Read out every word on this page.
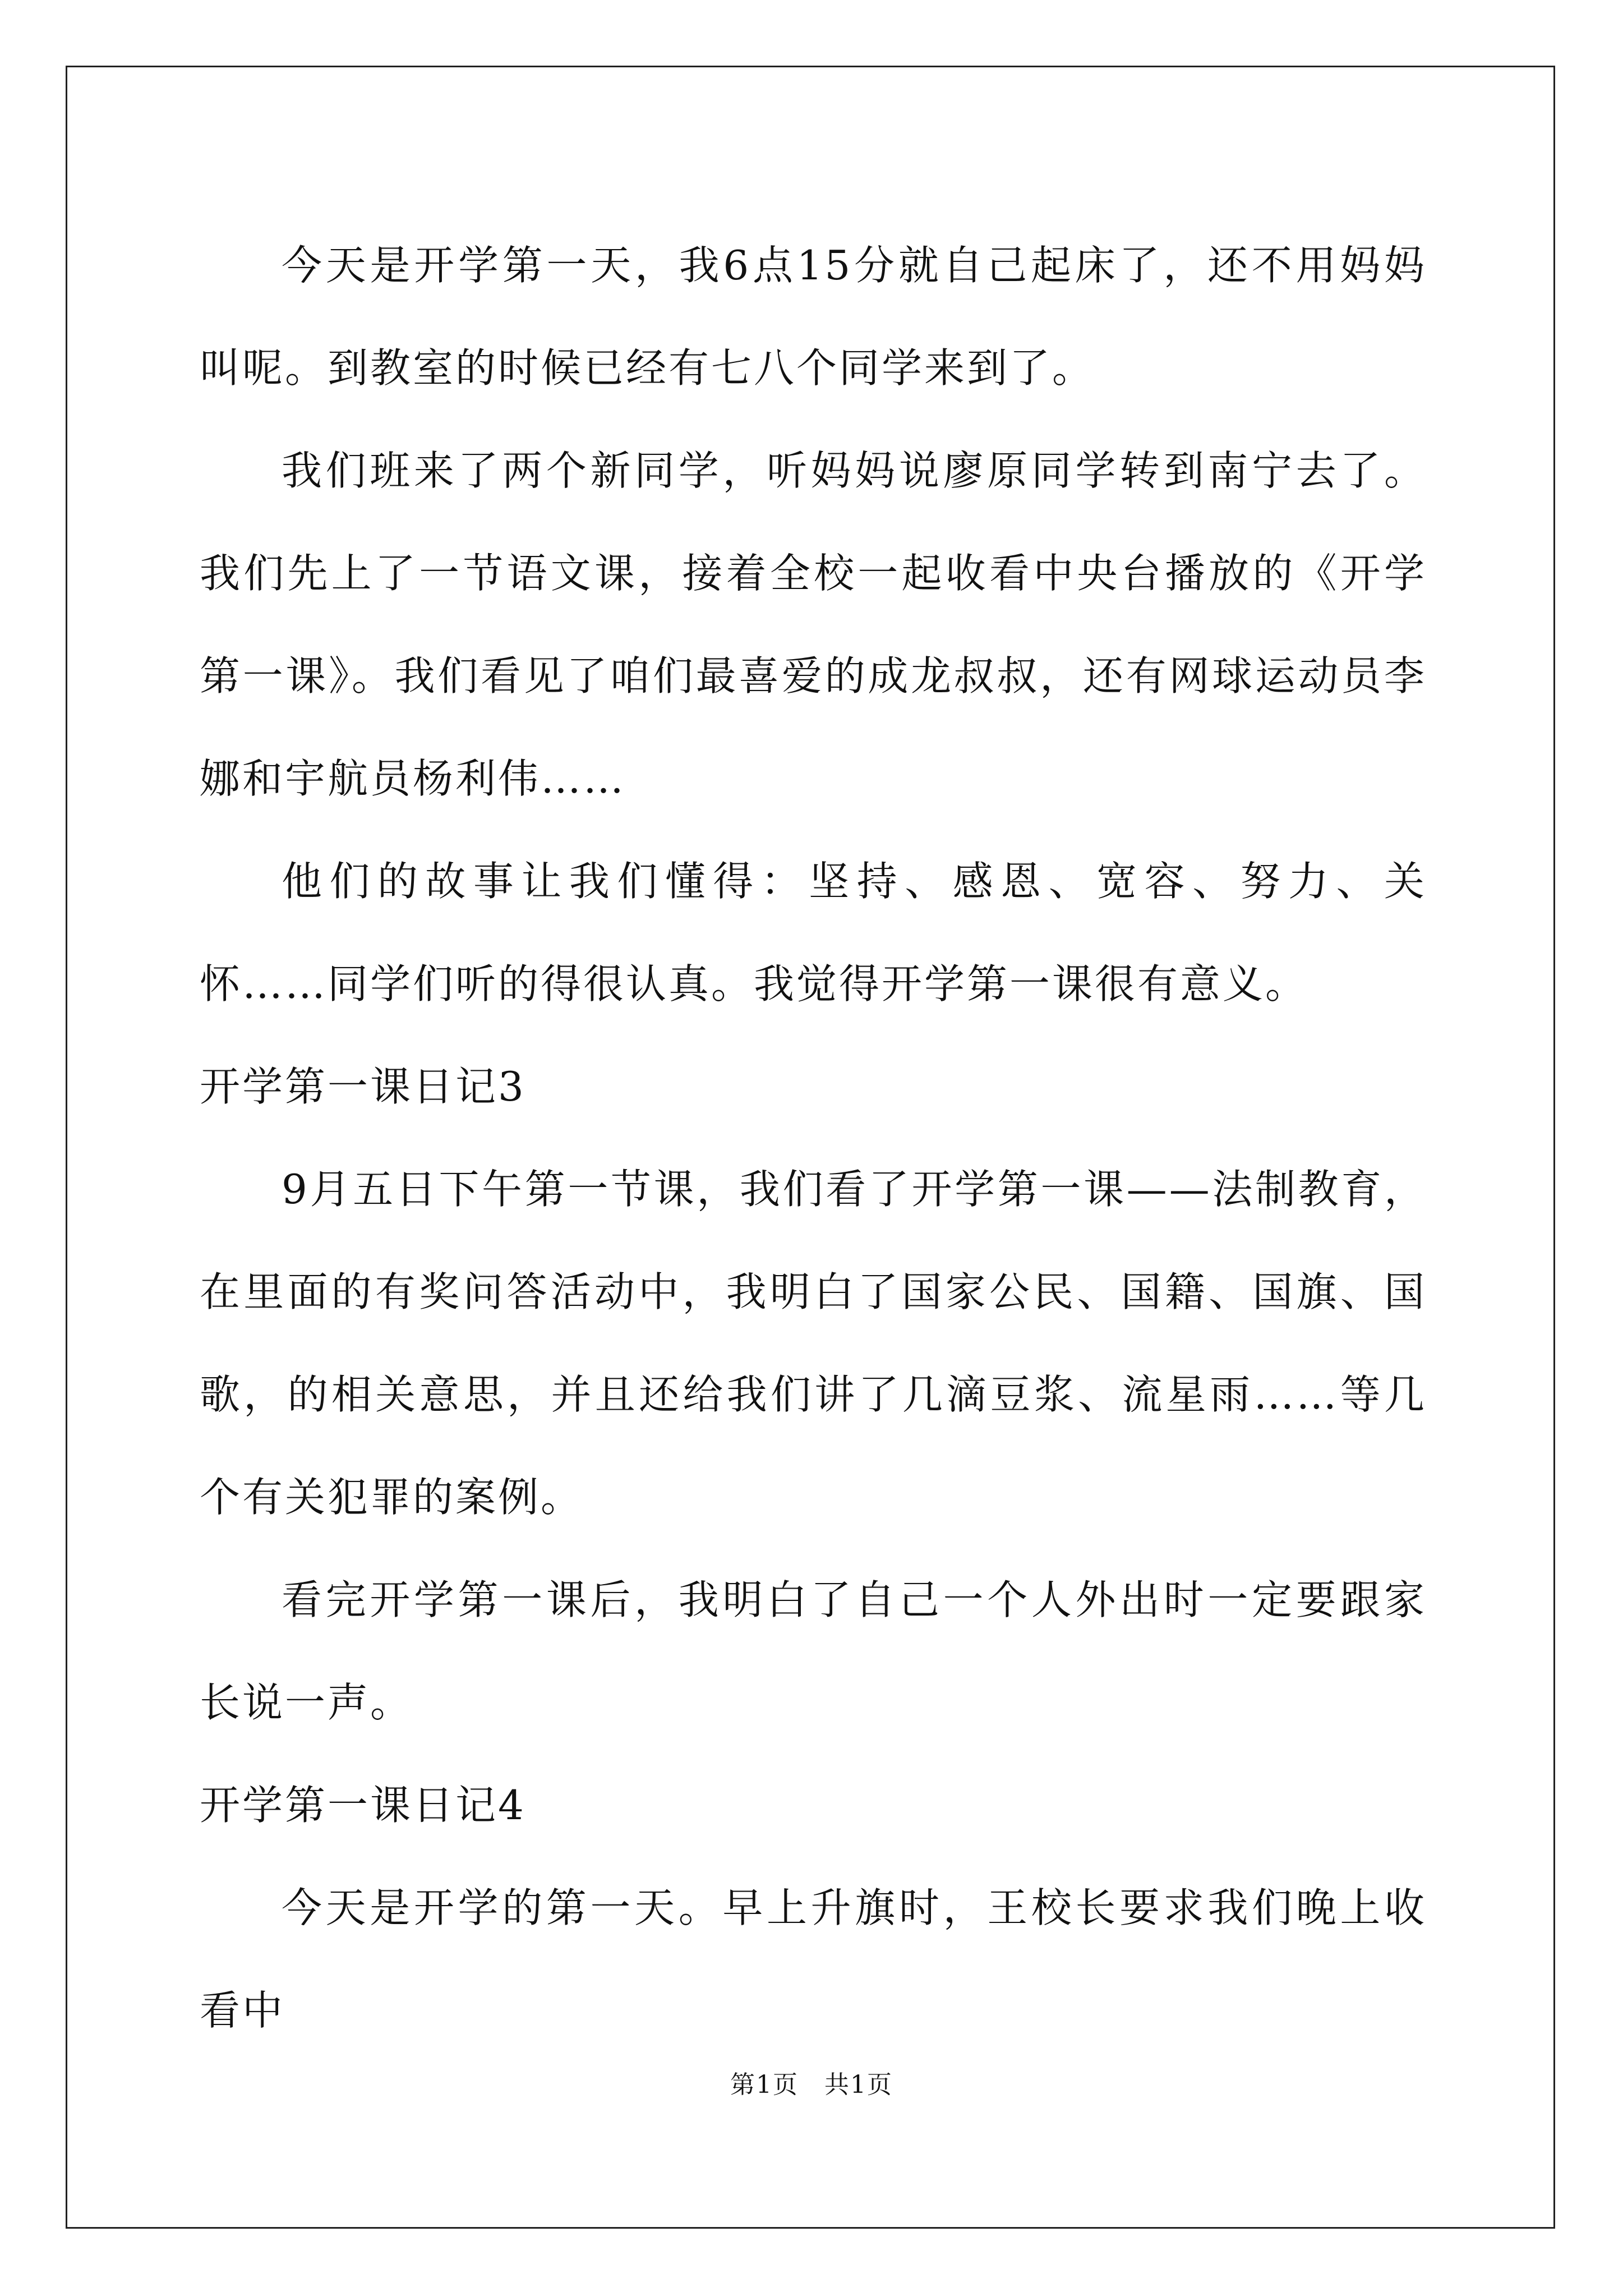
今天是开学第一天，我6点15分就自己起床了，还不用妈妈叫呢。到教室的时候已经有七八个同学来到了。

我们班来了两个新同学，听妈妈说廖原同学转到南宁去了。我们先上了一节语文课，接着全校一起收看中央台播放的《开学第一课》。我们看见了咱们最喜爱的成龙叔叔，还有网球运动员李娜和宇航员杨利伟……

他们的故事让我们懂得：坚持、感恩、宽容、努力、关怀……同学们听的得很认真。我觉得开学第一课很有意义。

开学第一课日记3

9月五日下午第一节课，我们看了开学第一课——法制教育，在里面的有奖问答活动中，我明白了国家公民、国籍、国旗、国歌，的相关意思，并且还给我们讲了几滴豆浆、流星雨……等几个有关犯罪的案例。

看完开学第一课后，我明白了自己一个人外出时一定要跟家长说一声。

开学第一课日记4

今天是开学的第一天。早上升旗时，王校长要求我们晚上收看中

第1页　共1页
